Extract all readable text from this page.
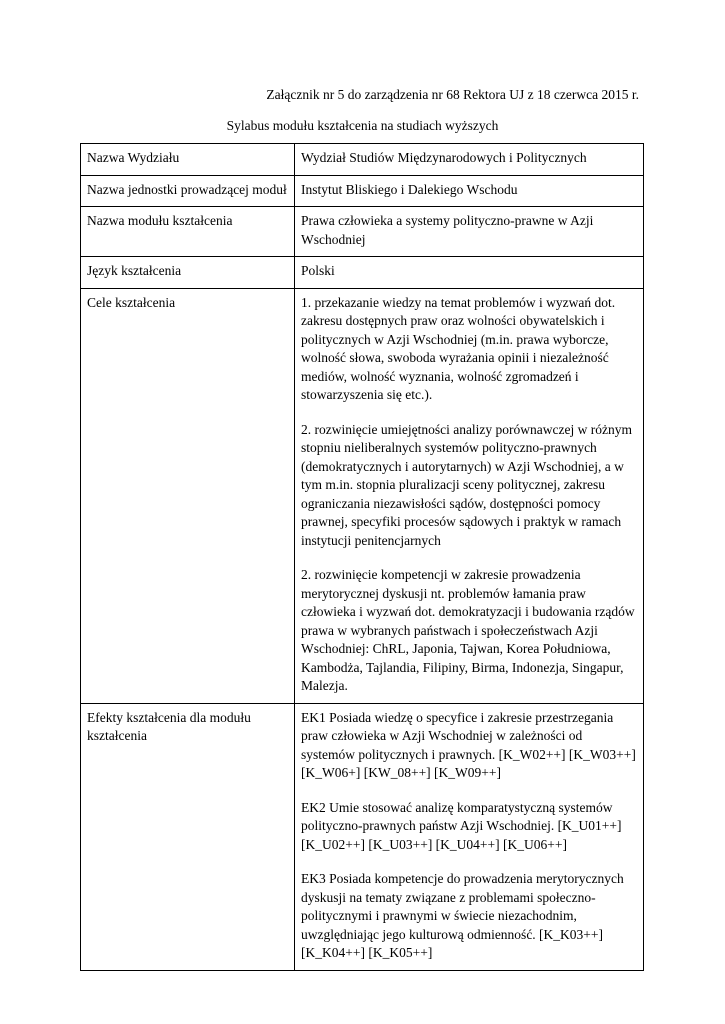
Załącznik nr 5 do zarządzenia nr 68 Rektora UJ z 18 czerwca 2015 r.
Sylabus modułu kształcenia na studiach wyższych
Nazwa Wydziału	Wydział Studiów Międzynarodowych i Politycznych

Nazwa jednostki prowadzącej moduł	Instytut Bliskiego i Dalekiego Wschodu

Nazwa modułu kształcenia	Prawa człowieka a systemy polityczno-prawne w Azji Wschodniej

Język kształcenia	Polski

Cele kształcenia	1. przekazanie wiedzy na temat problemów i wyzwań dot. zakresu dostępnych praw oraz wolności obywatelskich i politycznych w Azji Wschodniej (m.in. prawa wyborcze, wolność słowa, swoboda wyrażania opinii i niezależność mediów, wolność wyznania, wolność zgromadzeń i stowarzyszenia się etc.).

2. rozwinięcie umiejętności analizy porównawczej w różnym stopniu nieliberalnych systemów polityczno-prawnych (demokratycznych i autorytarnych) w Azji Wschodniej, a w tym m.in. stopnia pluralizacji sceny politycznej, zakresu ograniczania niezawisłości sądów, dostępności pomocy prawnej, specyfiki procesów sądowych i praktyk w ramach instytucji penitencjarnych

2. rozwinięcie kompetencji w zakresie prowadzenia merytorycznej dyskusji nt. problemów łamania praw człowieka i wyzwań dot. demokratyzacji i budowania rządów prawa w wybranych państwach i społeczeństwach Azji Wschodniej: ChRL, Japonia, Tajwan, Korea Południowa, Kambodża, Tajlandia, Filipiny, Birma, Indonezja, Singapur, Malezja.

Efekty kształcenia dla modułu kształcenia	EK1 Posiada wiedzę o specyfice i zakresie przestrzegania praw człowieka w Azji Wschodniej w zależności od systemów politycznych i prawnych. [K_W02++] [K_W03++] [K_W06+] [KW_08++] [K_W09++]

EK2 Umie stosować analizę komparatystyczną systemów polityczno-prawnych państw Azji Wschodniej. [K_U01++] [K_U02++] [K_U03++] [K_U04++] [K_U06++]

EK3 Posiada kompetencje do prowadzenia merytorycznych dyskusji na tematy związane z problemami społeczno-politycznymi i prawnymi w świecie niezachodnim, uwzględniając jego kulturową odmienność. [K_K03++] [K_K04++] [K_K05++]
